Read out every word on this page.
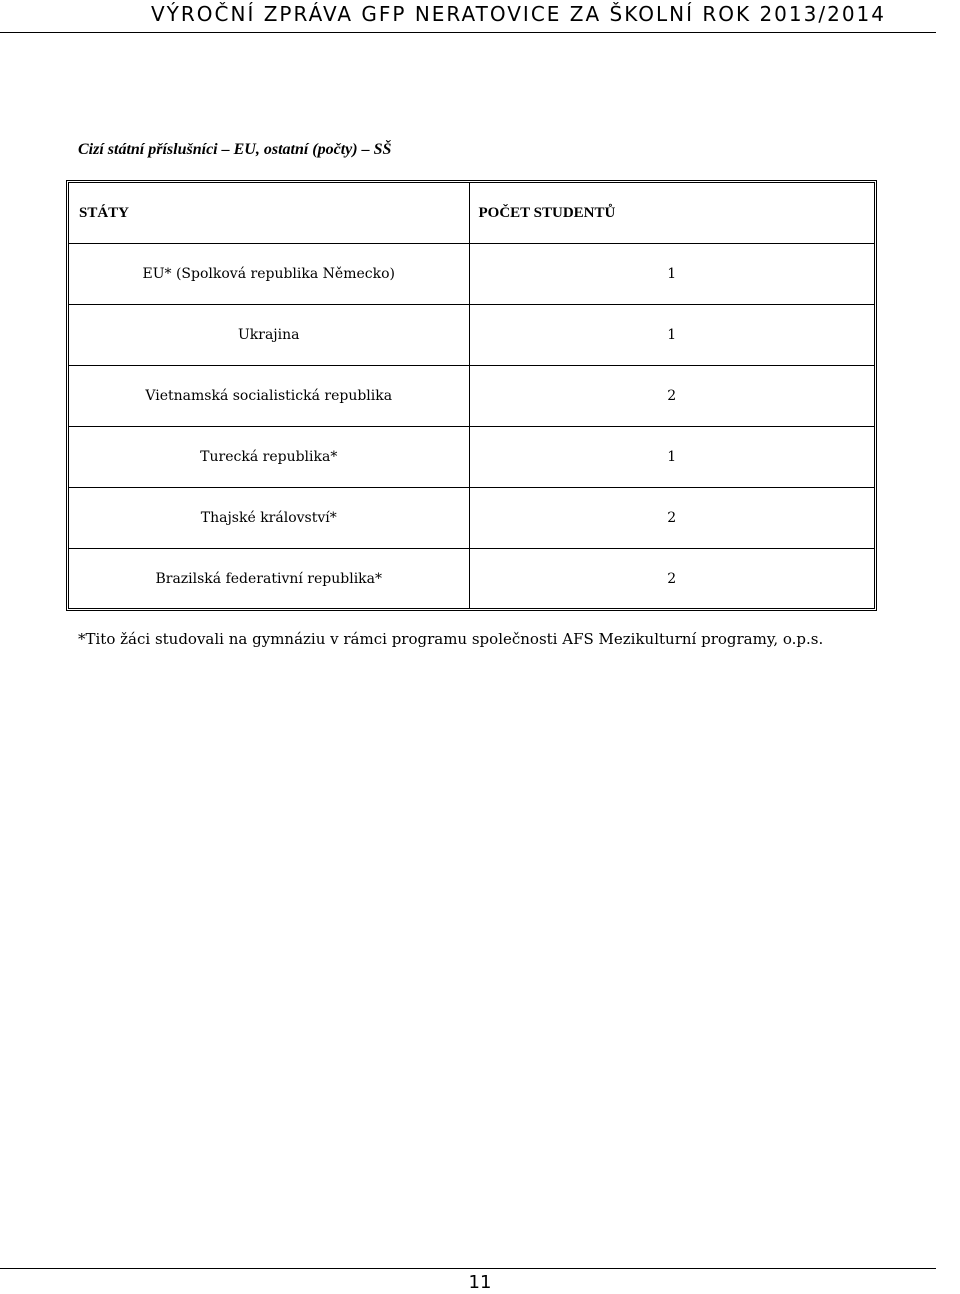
VÝROČNÍ ZPRÁVA GFP NERATOVICE ZA ŠKOLNÍ ROK 2013/2014
Cizí státní příslušníci – EU, ostatní (počty) – SŠ
STÁTY	POČET STUDENTŮ
EU* (Spolková republika Německo)	1
Ukrajina	1
Vietnamská socialistická republika	2
Turecká republika*	1
Thajské království*	2
Brazilská federativní republika*	2
*Tito žáci studovali na gymnáziu v rámci programu společnosti AFS Mezikulturní programy, o.p.s.
11
